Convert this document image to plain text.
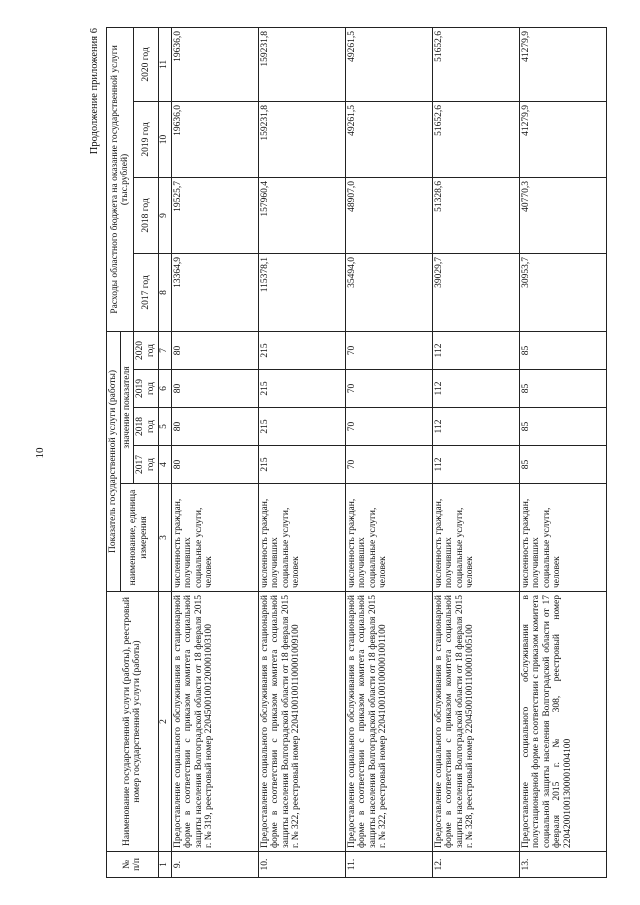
10
Продолжение приложения 6
№ п/п	Наименование государственной услуги (работы), реестровый номер государственной услуги (работы)	Показатель государственной услуги (работы)					Расходы областного бюджета на оказание государственной услуги (тыс.рублей)			
		наименование, единица измерения	значение показателя							
			2017 год	2018 год	2019 год	2020 год	2017 год	2018 год	2019 год	2020 год
1	2	3	4	5	6	7	8	9	10	11
9.	Предоставление социального обслуживания в стационарной форме в соответствии с приказом комитета социальной защиты населения Волгоградской области от 18 февраля 2015 г. № 319, реестровый номер 22045001001200001003100	численность граждан, получивших социальные услуги, человек	80	80	80	80	13364,9	19525,7	19636,0	19636,0
10.	Предоставление социального обслуживания в стационарной форме в соответствии с приказом комитета социальной защиты населения Волгоградской области от 18 февраля 2015 г. № 322, реестровый номер 22041001001100001009100	численность граждан, получивших социальные услуги, человек	215	215	215	215	115378,1	157960,4	159231,8	159231,8
11.	Предоставление социального обслуживания в стационарной форме в соответствии с приказом комитета социальной защиты населения Волгоградской области от 18 февраля 2015 г. № 322, реестровый номер 22041001001000001001100	численность граждан, получивших социальные услуги, человек	70	70	70	70	35494,0	48907,0	49261,5	49261,5
12.	Предоставление социального обслуживания в стационарной форме в соответствии с приказом комитета социальной защиты населения Волгоградской области от 18 февраля 2015 г. № 328, реестровый номер 22045001001100001005100	численность граждан, получивших социальные услуги, человек	112	112	112	112	39029,7	51328,6	51652,6	51652,6
13.	Предоставление социального обслуживания в полустационарной форме в соответствии с приказом комитета социальной защиты населения Волгоградской области от 17 февраля 2015 г. № 308, реестровый номер 22042001001300001004100	численность граждан, получивших социальные услуги, человек	85	85	85	85	30953,7	40770,3	41279,9	41279,9
